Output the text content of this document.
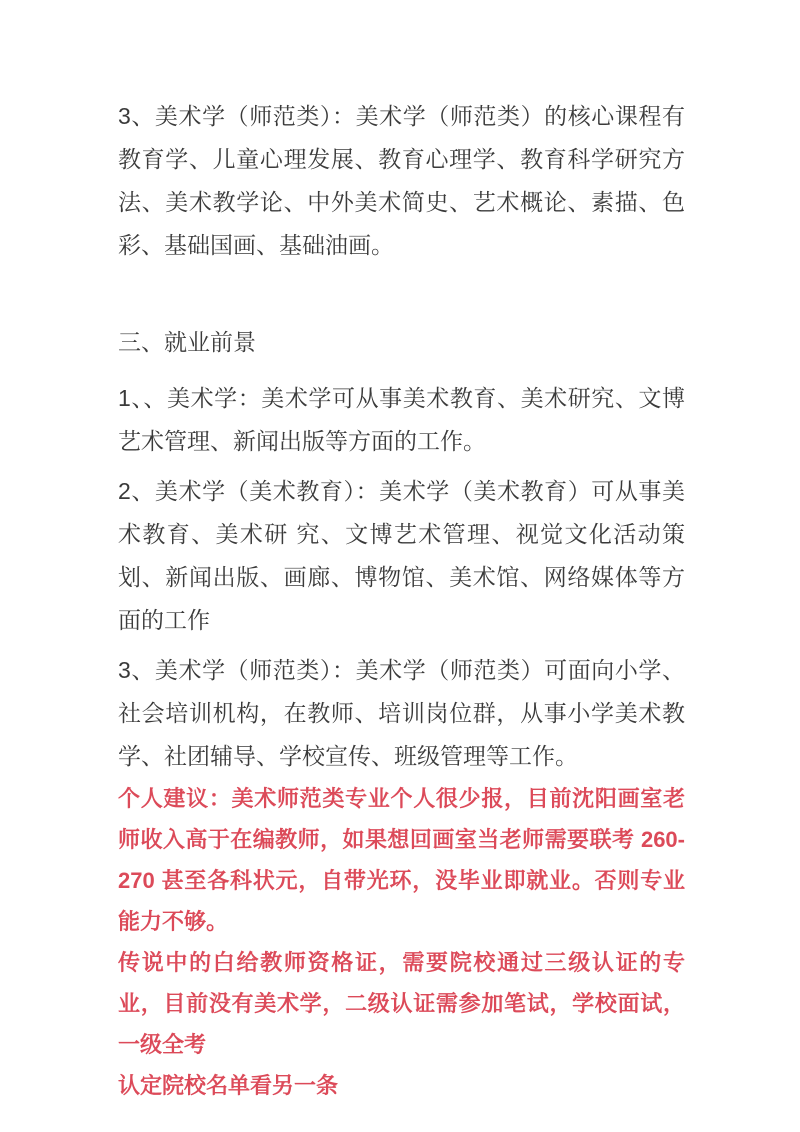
3、美术学（师范类）：美术学（师范类）的核心课程有教育学、儿童心理发展、教育心理学、教育科学研究方法、美术教学论、中外美术简史、艺术概论、素描、色彩、基础国画、基础油画。

三、就业前景

1、、美术学：美术学可从事美术教育、美术研究、文博艺术管理、新闻出版等方面的工作。

2、美术学（美术教育）：美术学（美术教育）可从事美术教育、美术研 究、文博艺术管理、视觉文化活动策划、新闻出版、画廊、博物馆、美术馆、网络媒体等方面的工作

3、美术学（师范类）：美术学（师范类）可面向小学、社会培训机构，在教师、培训岗位群，从事小学美术教学、社团辅导、学校宣传、班级管理等工作。

个人建议：美术师范类专业个人很少报，目前沈阳画室老师收入高于在编教师，如果想回画室当老师需要联考 260-270 甚至各科状元，自带光环，没毕业即就业。否则专业能力不够。

传说中的白给教师资格证，需要院校通过三级认证的专业，目前没有美术学，二级认证需参加笔试，学校面试，一级全考

认定院校名单看另一条
